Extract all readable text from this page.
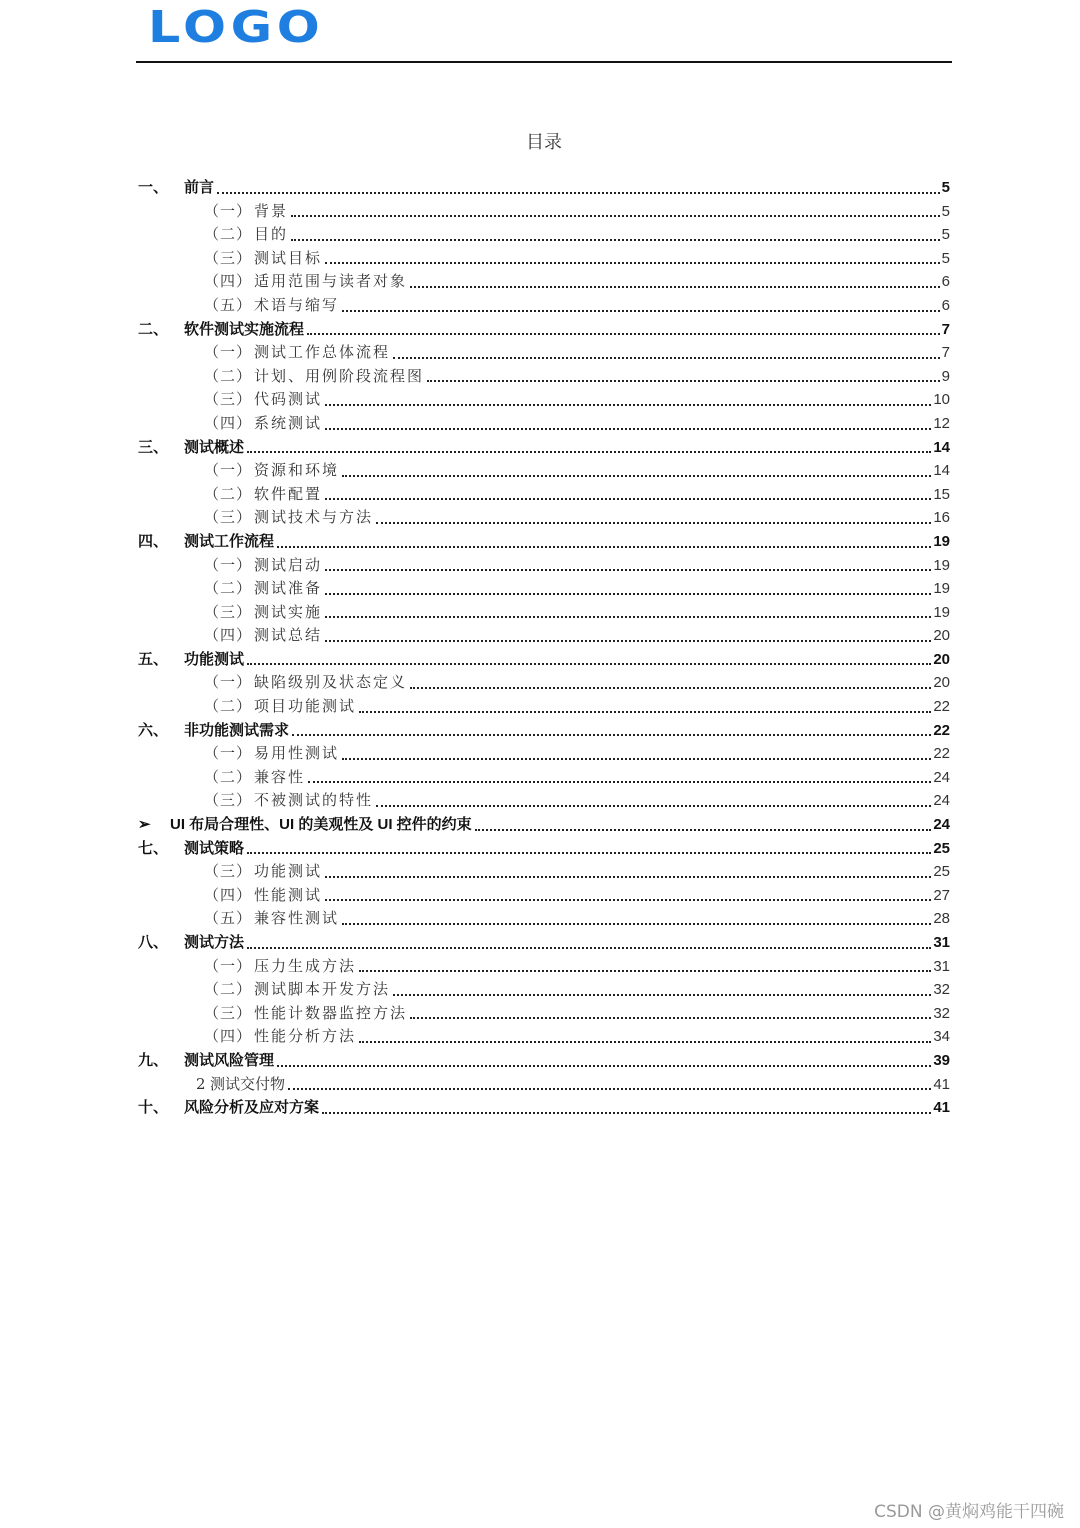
LOGO
目录
一、	前言	5
（一） 背景	5
（二） 目的	5
（三） 测试目标	5
（四） 适用范围与读者对象	6
（五） 术语与缩写	6
二、	软件测试实施流程	7
（一） 测试工作总体流程	7
（二） 计划、用例阶段流程图	9
（三） 代码测试	10
（四） 系统测试	12
三、	测试概述	14
（一） 资源和环境	14
（二） 软件配置	15
（三） 测试技术与方法	16
四、	测试工作流程	19
（一） 测试启动	19
（二） 测试准备	19
（三） 测试实施	19
（四） 测试总结	20
五、	功能测试	20
（一） 缺陷级别及状态定义	20
（二） 项目功能测试	22
六、	非功能测试需求	22
（一） 易用性测试	22
（二） 兼容性	24
（三） 不被测试的特性	24
➢	UI 布局合理性、UI 的美观性及 UI 控件的约束	24
七、	测试策略	25
（三） 功能测试	25
（四） 性能测试	27
（五） 兼容性测试	28
八、	测试方法	31
（一） 压力生成方法	31
（二） 测试脚本开发方法	32
（三） 性能计数器监控方法	32
（四） 性能分析方法	34
九、	测试风险管理	39
2 测试交付物	41
十、	风险分析及应对方案	41
CSDN @黄焖鸡能干四碗
